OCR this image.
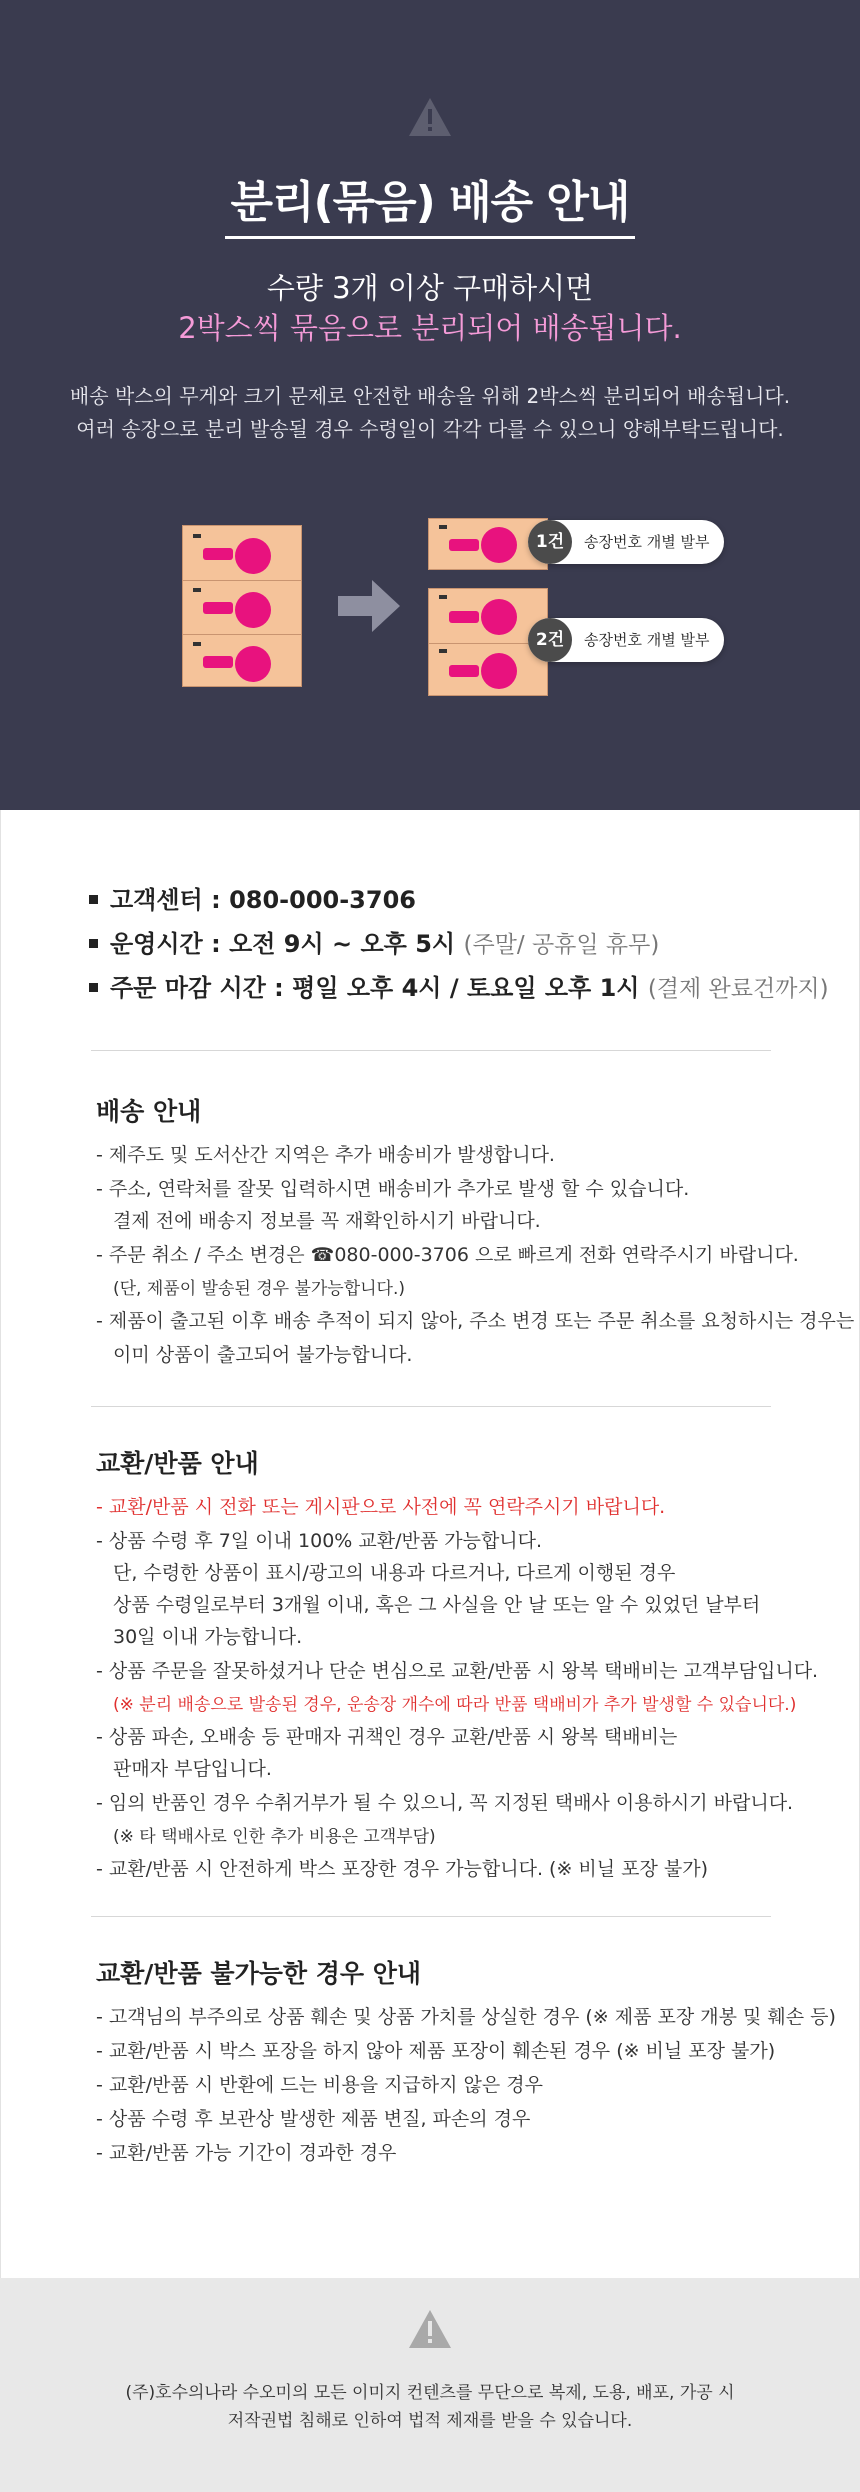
분리(묶음) 배송 안내
수량 3개 이상 구매하시면
2박스씩 묶음으로 분리되어 배송됩니다.
배송 박스의 무게와 크기 문제로 안전한 배송을 위해 2박스씩 분리되어 배송됩니다.
여러 송장으로 분리 발송될 경우 수령일이 각각 다를 수 있으니 양해부탁드립니다.
1건	송장번호 개별 발부
2건	송장번호 개별 발부
고객센터 : 080-000-3706
운영시간 : 오전 9시 ~ 오후 5시 (주말/ 공휴일 휴무)
주문 마감 시간 : 평일 오후 4시 / 토요일 오후 1시 (결제 완료건까지)
배송 안내
- 제주도 및 도서산간 지역은 추가 배송비가 발생합니다.
- 주소, 연락처를 잘못 입력하시면 배송비가 추가로 발생 할 수 있습니다.
결제 전에 배송지 정보를 꼭 재확인하시기 바랍니다.
- 주문 취소 / 주소 변경은 ☎080-000-3706 으로 빠르게 전화 연락주시기 바랍니다.
(단, 제품이 발송된 경우 불가능합니다.)
- 제품이 출고된 이후 배송 추적이 되지 않아, 주소 변경 또는 주문 취소를 요청하시는 경우는
이미 상품이 출고되어 불가능합니다.
교환/반품 안내
- 교환/반품 시 전화 또는 게시판으로 사전에 꼭 연락주시기 바랍니다.
- 상품 수령 후 7일 이내 100% 교환/반품 가능합니다.
단, 수령한 상품이 표시/광고의 내용과 다르거나, 다르게 이행된 경우
상품 수령일로부터 3개월 이내, 혹은 그 사실을 안 날 또는 알 수 있었던 날부터
30일 이내 가능합니다.
- 상품 주문을 잘못하셨거나 단순 변심으로 교환/반품 시 왕복 택배비는 고객부담입니다.
(※ 분리 배송으로 발송된 경우, 운송장 개수에 따라 반품 택배비가 추가 발생할 수 있습니다.)
- 상품 파손, 오배송 등 판매자 귀책인 경우 교환/반품 시 왕복 택배비는
판매자 부담입니다.
- 임의 반품인 경우 수취거부가 될 수 있으니, 꼭 지정된 택배사 이용하시기 바랍니다.
(※ 타 택배사로 인한 추가 비용은 고객부담)
- 교환/반품 시 안전하게 박스 포장한 경우 가능합니다. (※ 비닐 포장 불가)
교환/반품 불가능한 경우 안내
- 고객님의 부주의로 상품 훼손 및 상품 가치를 상실한 경우 (※ 제품 포장 개봉 및 훼손 등)
- 교환/반품 시 박스 포장을 하지 않아 제품 포장이 훼손된 경우 (※ 비닐 포장 불가)
- 교환/반품 시 반환에 드는 비용을 지급하지 않은 경우
- 상품 수령 후 보관상 발생한 제품 변질, 파손의 경우
- 교환/반품 가능 기간이 경과한 경우
(주)호수의나라 수오미의 모든 이미지 컨텐츠를 무단으로 복제, 도용, 배포, 가공 시
저작권법 침해로 인하여 법적 제재를 받을 수 있습니다.
